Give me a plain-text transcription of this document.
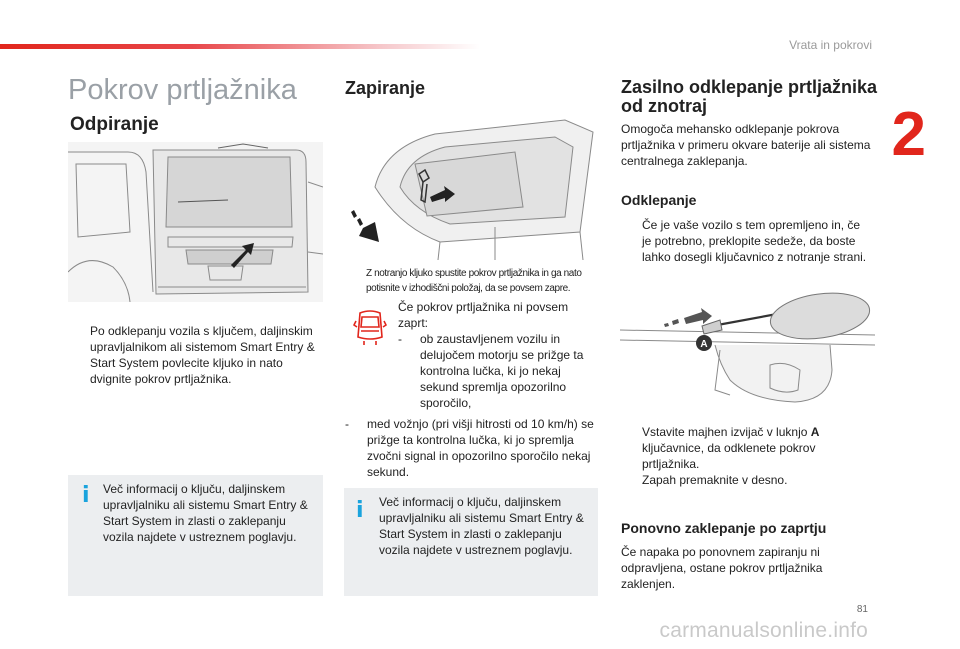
Vrata in pokrovi
2
Pokrov prtljažnika
Odpiranje
Po odklepanju vozila s ključem, daljinskim upravljalnikom ali sistemom Smart Entry & Start System povlecite kljuko in nato dvignite pokrov prtljažnika.
i Več informacij o ključu, daljinskem upravljalniku ali sistemu Smart Entry & Start System in zlasti o zaklepanju vozila najdete v ustreznem poglavju.
Zapiranje
Z notranjo kljuko spustite pokrov prtljažnika in ga nato potisnite v izhodiščni položaj, da se povsem zapre.
Če pokrov prtljažnika ni povsem zaprt:
-	ob zaustavljenem vozilu in delujočem motorju se prižge ta kontrolna lučka, ki jo nekaj sekund spremlja opozorilno sporočilo,
-	med vožnjo (pri višji hitrosti od 10 km/h) se prižge ta kontrolna lučka, ki jo spremlja zvočni signal in opozorilno sporočilo nekaj sekund.
i Več informacij o ključu, daljinskem upravljalniku ali sistemu Smart Entry & Start System in zlasti o zaklepanju vozila najdete v ustreznem poglavju.
Zasilno odklepanje prtljažnika od znotraj
Omogoča mehansko odklepanje pokrova prtljažnika v primeru okvare baterije ali sistema centralnega zaklepanja.
Odklepanje
Če je vaše vozilo s tem opremljeno in, če je potrebno, preklopite sedeže, da boste lahko dosegli ključavnico z notranje strani.
A
Vstavite majhen izvijač v luknjo A ključavnice, da odklenete pokrov prtljažnika.
Zapah premaknite v desno.
Ponovno zaklepanje po zaprtju
Če napaka po ponovnem zapiranju ni odpravljena, ostane pokrov prtljažnika zaklenjen.
81
carmanualsonline.info
